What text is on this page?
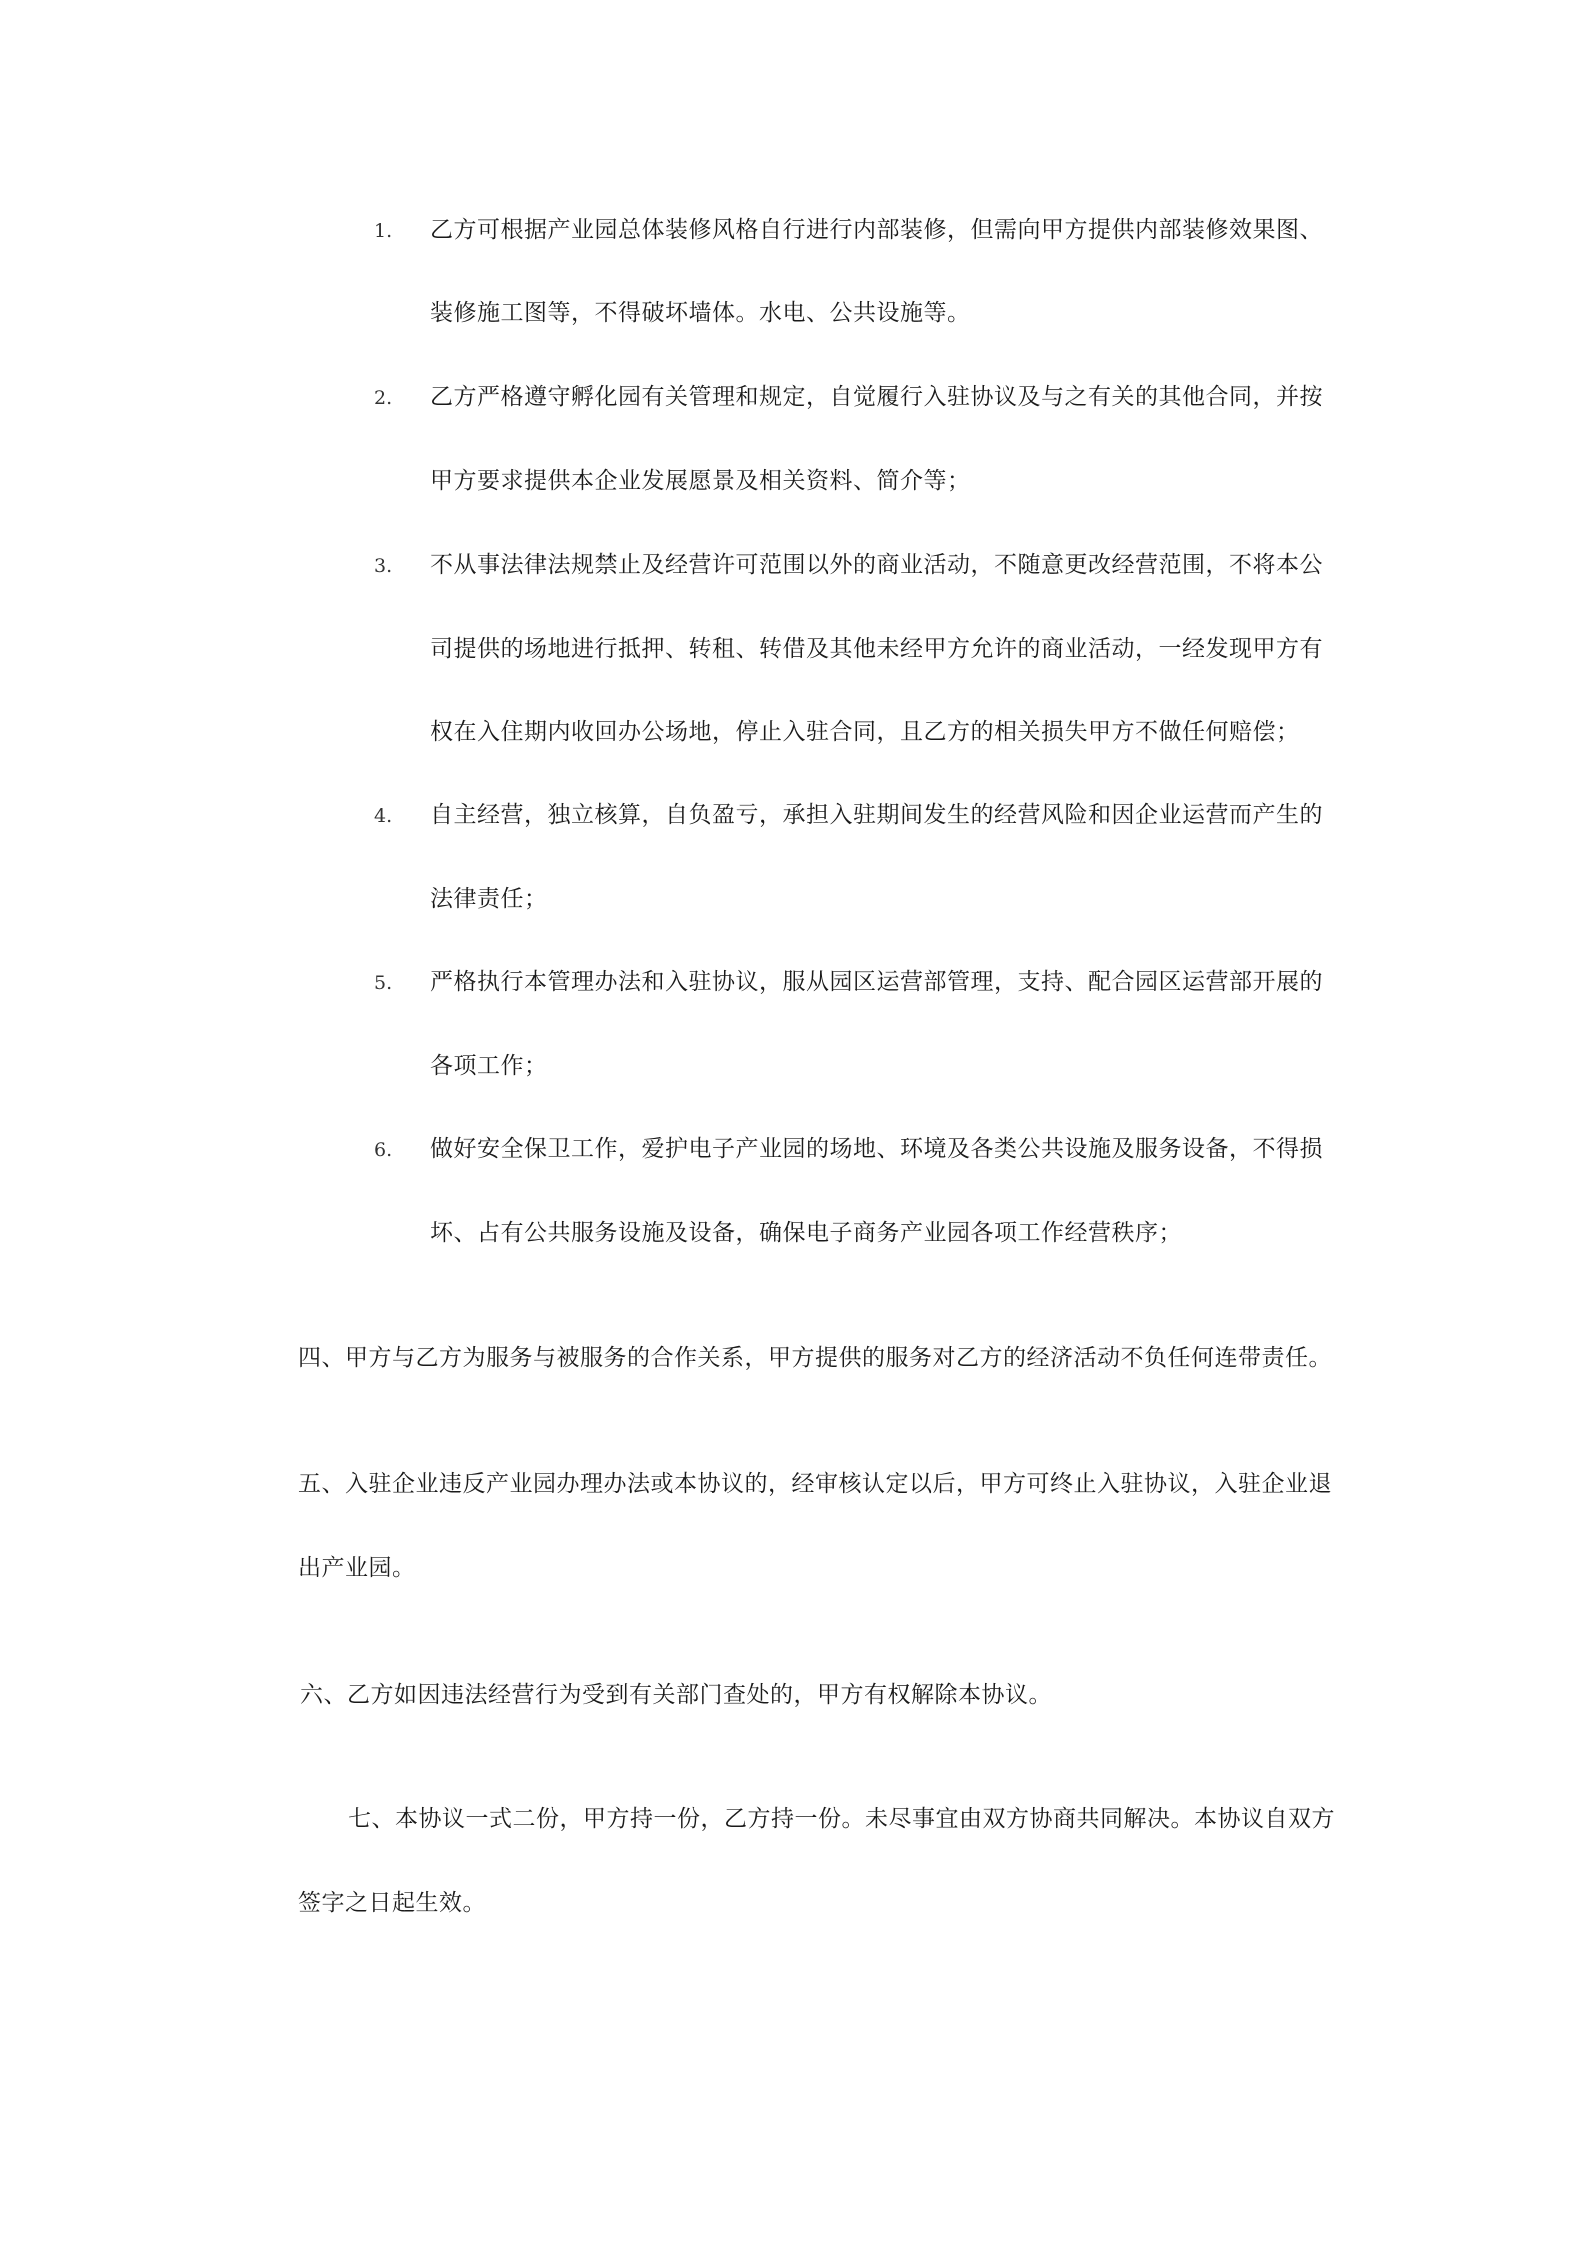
1. 乙方可根据产业园总体装修风格自行进行内部装修，但需向甲方提供内部装修效果图、
装修施工图等，不得破坏墙体。水电、公共设施等。
2. 乙方严格遵守孵化园有关管理和规定，自觉履行入驻协议及与之有关的其他合同，并按
甲方要求提供本企业发展愿景及相关资料、简介等；
3. 不从事法律法规禁止及经营许可范围以外的商业活动，不随意更改经营范围，不将本公
司提供的场地进行抵押、转租、转借及其他未经甲方允许的商业活动，一经发现甲方有
权在入住期内收回办公场地，停止入驻合同，且乙方的相关损失甲方不做任何赔偿；
4. 自主经营，独立核算，自负盈亏，承担入驻期间发生的经营风险和因企业运营而产生的
法律责任；
5. 严格执行本管理办法和入驻协议，服从园区运营部管理，支持、配合园区运营部开展的
各项工作；
6. 做好安全保卫工作，爱护电子产业园的场地、环境及各类公共设施及服务设备，不得损
坏、占有公共服务设施及设备，确保电子商务产业园各项工作经营秩序；
四、甲方与乙方为服务与被服务的合作关系，甲方提供的服务对乙方的经济活动不负任何连带责任。
五、入驻企业违反产业园办理办法或本协议的，经审核认定以后，甲方可终止入驻协议，入驻企业退
出产业园。
六、乙方如因违法经营行为受到有关部门查处的，甲方有权解除本协议。
七、本协议一式二份，甲方持一份，乙方持一份。未尽事宜由双方协商共同解决。本协议自双方
签字之日起生效。
